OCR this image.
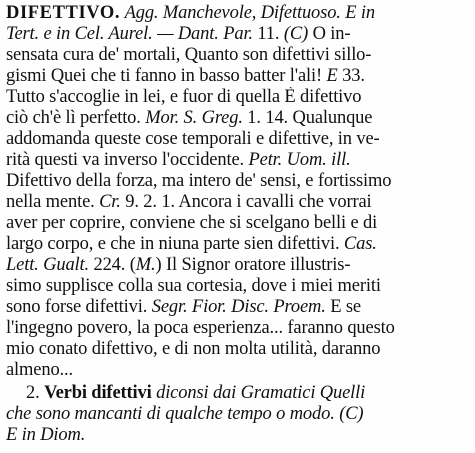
DIFETTIVO. Agg. Manchevole, Difettuoso. E in
Tert. e in Cel. Aurel. — Dant. Par. 11. (C) O in-
sensata cura de' mortali, Quanto son difettivi sillo-
gismi Quei che ti fanno in basso batter l'ali! E 33.
Tutto s'accoglie in lei, e fuor di quella È difettivo
ciò ch'è lì perfetto. Mor. S. Greg. 1. 14. Qualunque
addomanda queste cose temporali e difettive, in ve-
rità questi va inverso l'occidente. Petr. Uom. ill.
Difettivo della forza, ma intero de' sensi, e fortissimo
nella mente. Cr. 9. 2. 1. Ancora i cavalli che vorrai
aver per coprire, conviene che si scelgano belli e di
largo corpo, e che in niuna parte sien difettivi. Cas.
Lett. Gualt. 224. (M.) Il Signor oratore illustris-
simo supplisce colla sua cortesia, dove i miei meriti
sono forse difettivi. Segr. Fior. Disc. Proem. E se
l'ingegno povero, la poca esperienza... faranno questo
mio conato difettivo, e di non molta utilità, daranno
almeno...
2. Verbi difettivi diconsi dai Gramatici Quelli
che sono mancanti di qualche tempo o modo. (C)
E in Diom.
